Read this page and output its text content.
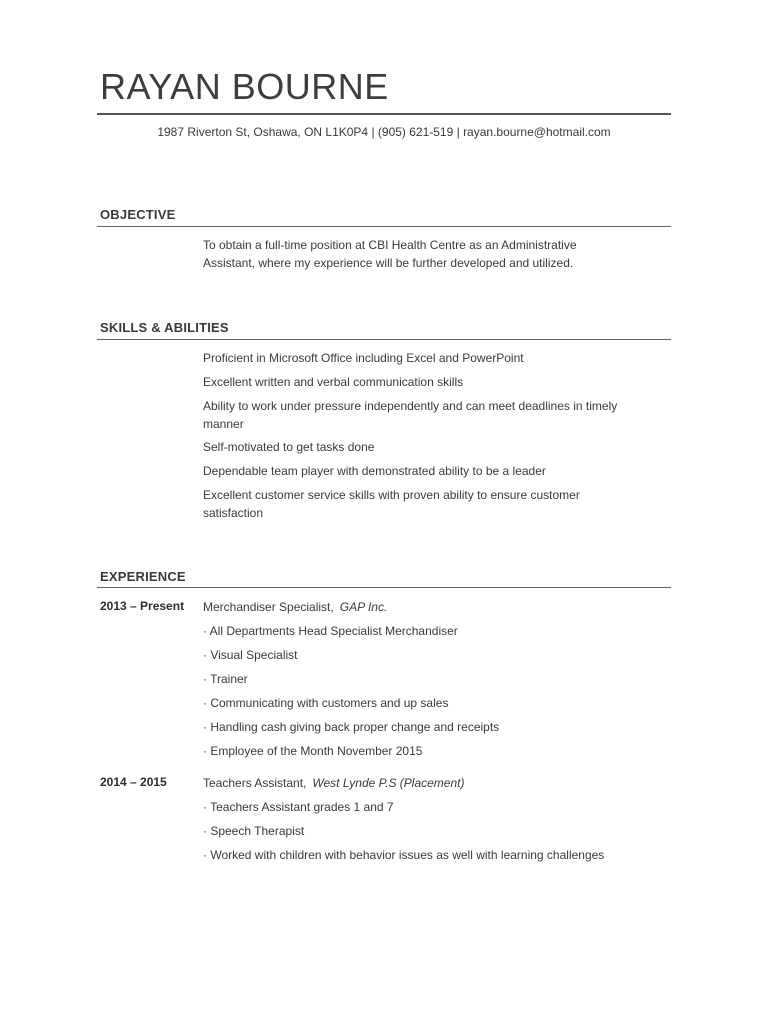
RAYAN BOURNE
1987 Riverton St, Oshawa, ON L1K0P4 | (905) 621-519 | rayan.bourne@hotmail.com
OBJECTIVE
To obtain a full-time position at CBI Health Centre as an Administrative Assistant, where my experience will be further developed and utilized.
SKILLS & ABILITIES
Proficient in Microsoft Office including Excel and PowerPoint
Excellent written and verbal communication skills
Ability to work under pressure independently and can meet deadlines in timely manner
Self-motivated to get tasks done
Dependable team player with demonstrated ability to be a leader
Excellent customer service skills with proven ability to ensure customer satisfaction
EXPERIENCE
2013 – Present Merchandiser Specialist, GAP Inc.
· All Departments Head Specialist Merchandiser
· Visual Specialist
· Trainer
· Communicating with customers and up sales
· Handling cash giving back proper change and receipts
· Employee of the Month November 2015
2014 – 2015	Teachers Assistant, West Lynde P.S (Placement)
· Teachers Assistant grades 1 and 7
· Speech Therapist
· Worked with children with behavior issues as well with learning challenges
